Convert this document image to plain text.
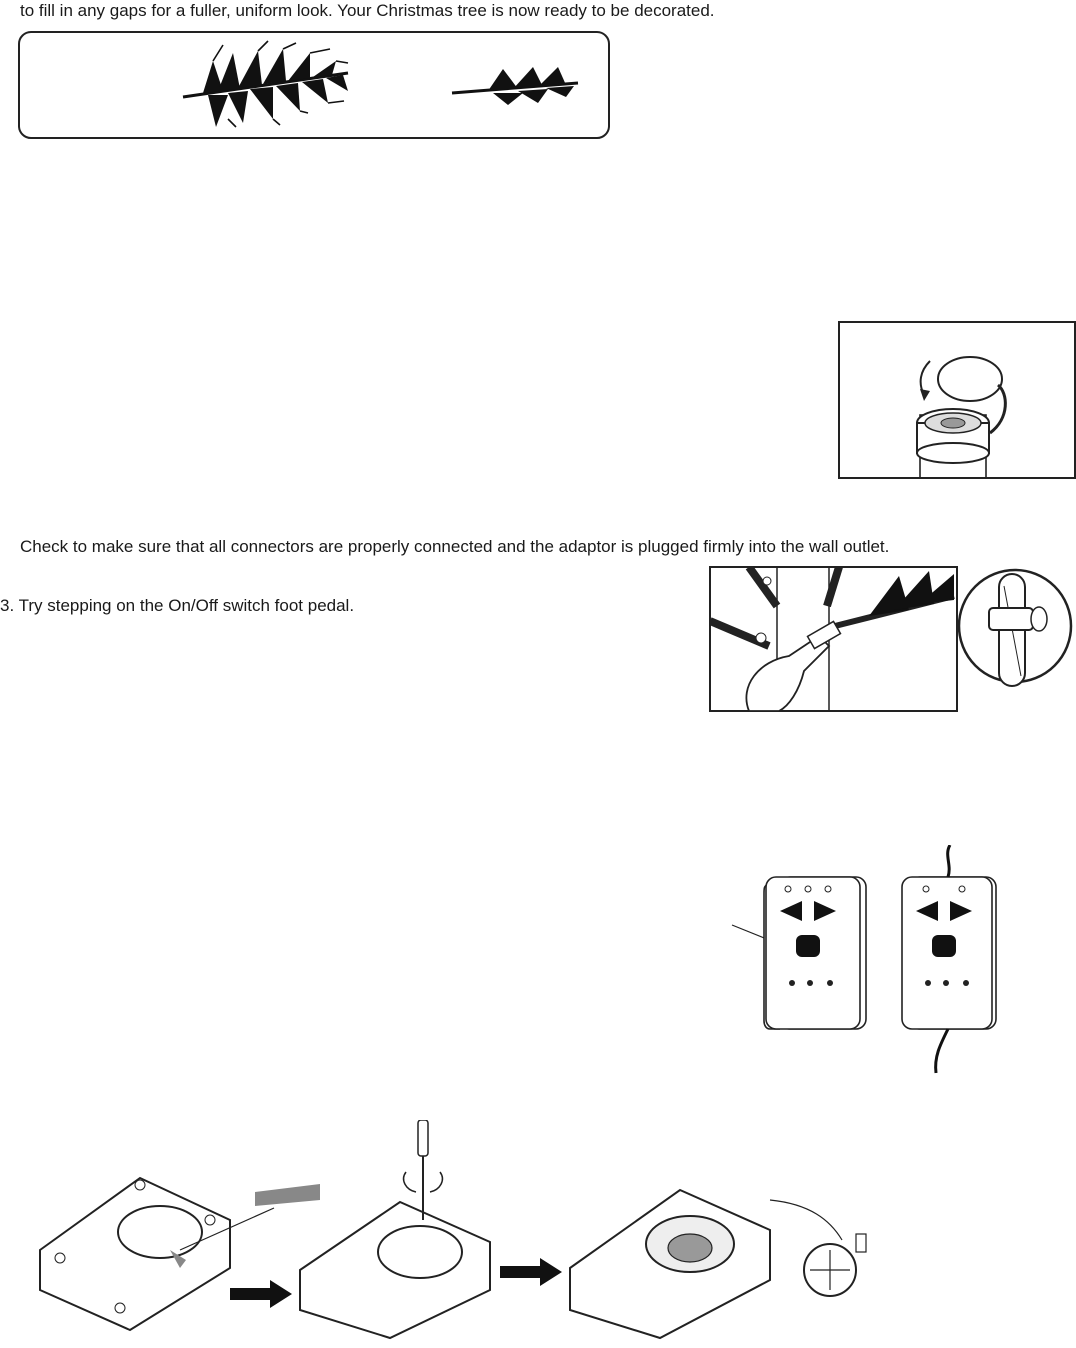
to fill in any gaps for a fuller, uniform look. Your Christmas tree is now ready to be decorated.
Check to make sure that all connectors are properly connected and the adaptor is plugged firmly into the wall outlet.
3. Try stepping on the On/Off switch foot pedal.
